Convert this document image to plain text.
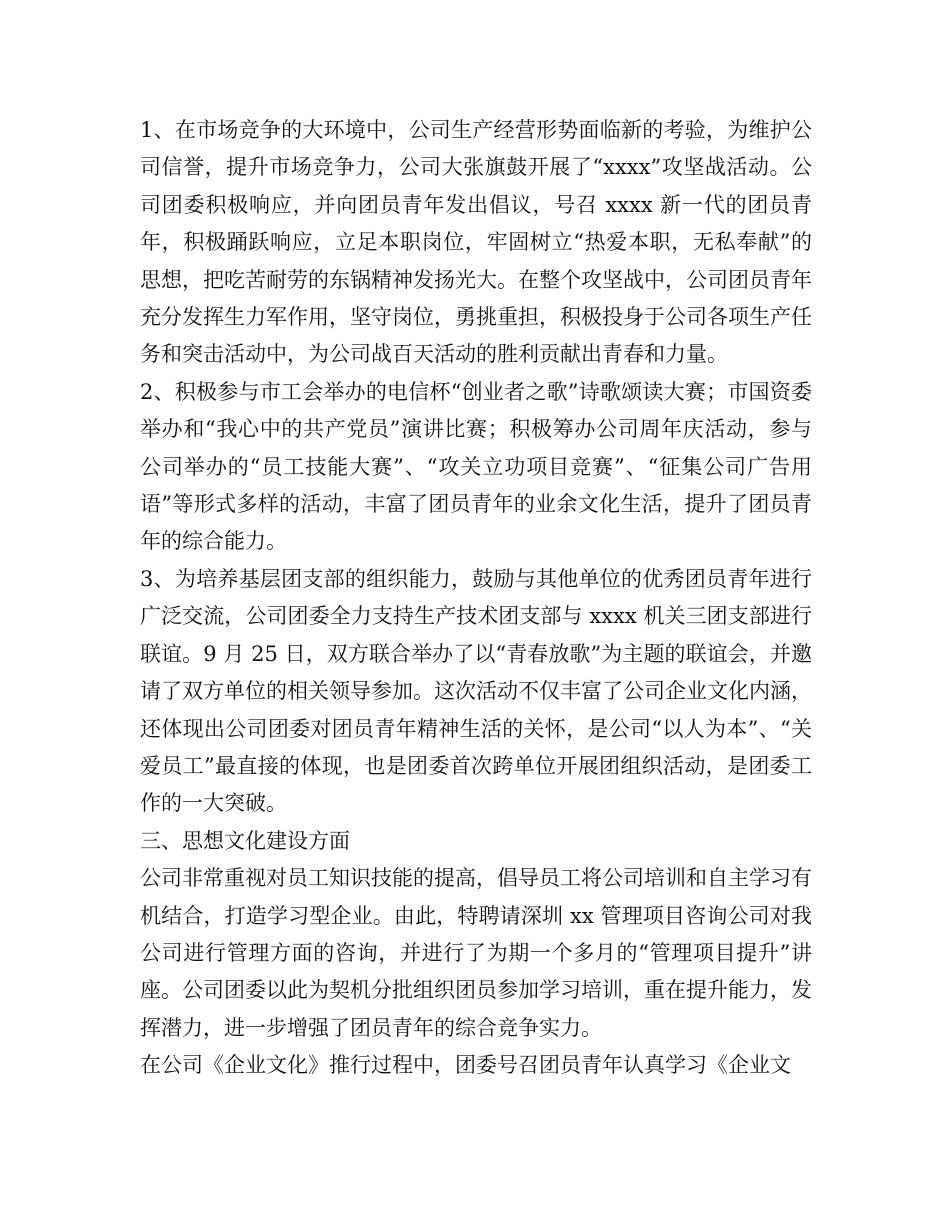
1、在市场竞争的大环境中，公司生产经营形势面临新的考验，为维护公司信誉，提升市场竞争力，公司大张旗鼓开展了“xxxx”攻坚战活动。公司团委积极响应，并向团员青年发出倡议，号召 xxxx 新一代的团员青年，积极踊跃响应，立足本职岗位，牢固树立“热爱本职，无私奉献”的思想，把吃苦耐劳的东锅精神发扬光大。在整个攻坚战中，公司团员青年充分发挥生力军作用，坚守岗位，勇挑重担，积极投身于公司各项生产任务和突击活动中，为公司战百天活动的胜利贡献出青春和力量。

2、积极参与市工会举办的电信杯“创业者之歌”诗歌颂读大赛；市国资委举办和“我心中的共产党员”演讲比赛；积极筹办公司周年庆活动，参与公司举办的“员工技能大赛”、“攻关立功项目竞赛”、“征集公司广告用语”等形式多样的活动，丰富了团员青年的业余文化生活，提升了团员青年的综合能力。

3、为培养基层团支部的组织能力，鼓励与其他单位的优秀团员青年进行广泛交流，公司团委全力支持生产技术团支部与 xxxx 机关三团支部进行联谊。9 月 25 日，双方联合举办了以“青春放歌”为主题的联谊会，并邀请了双方单位的相关领导参加。这次活动不仅丰富了公司企业文化内涵，还体现出公司团委对团员青年精神生活的关怀，是公司“以人为本”、“关爱员工”最直接的体现，也是团委首次跨单位开展团组织活动，是团委工作的一大突破。

三、思想文化建设方面

公司非常重视对员工知识技能的提高，倡导员工将公司培训和自主学习有机结合，打造学习型企业。由此，特聘请深圳 xx 管理项目咨询公司对我公司进行管理方面的咨询，并进行了为期一个多月的“管理项目提升”讲座。公司团委以此为契机分批组织团员参加学习培训，重在提升能力，发挥潜力，进一步增强了团员青年的综合竞争实力。

在公司《企业文化》推行过程中，团委号召团员青年认真学习《企业文
